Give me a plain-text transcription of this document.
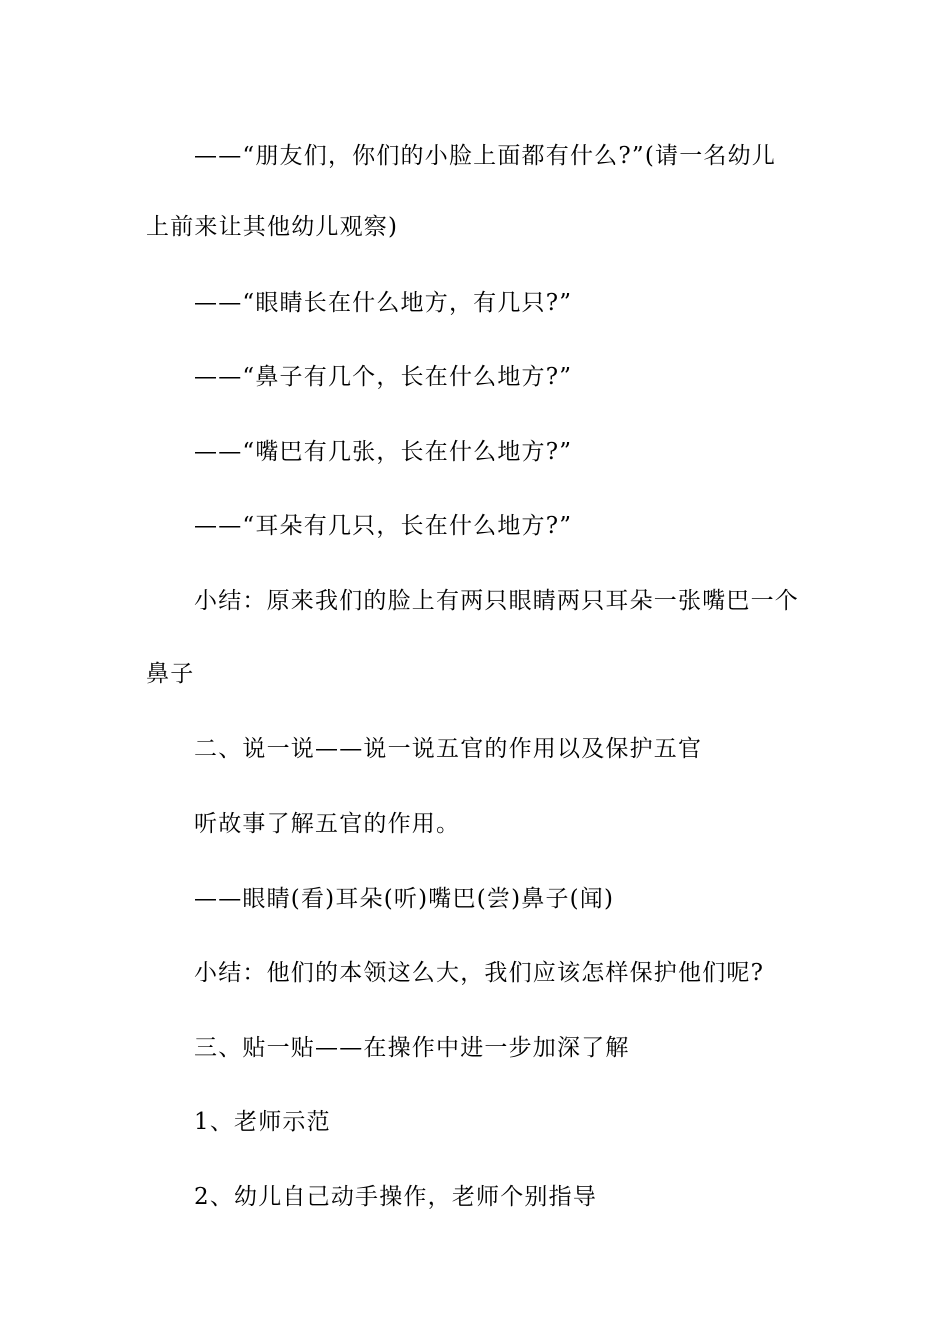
——“朋友们，你们的小脸上面都有什么?”(请一名幼儿
上前来让其他幼儿观察)
——“眼睛长在什么地方，有几只?”
——“鼻子有几个，长在什么地方?”
——“嘴巴有几张，长在什么地方?”
——“耳朵有几只，长在什么地方?”
小结：原来我们的脸上有两只眼睛两只耳朵一张嘴巴一个
鼻子
二、说一说——说一说五官的作用以及保护五官
听故事了解五官的作用。
——眼睛(看)耳朵(听)嘴巴(尝)鼻子(闻)
小结：他们的本领这么大，我们应该怎样保护他们呢?
三、贴一贴——在操作中进一步加深了解
1、老师示范
2、幼儿自己动手操作，老师个别指导
